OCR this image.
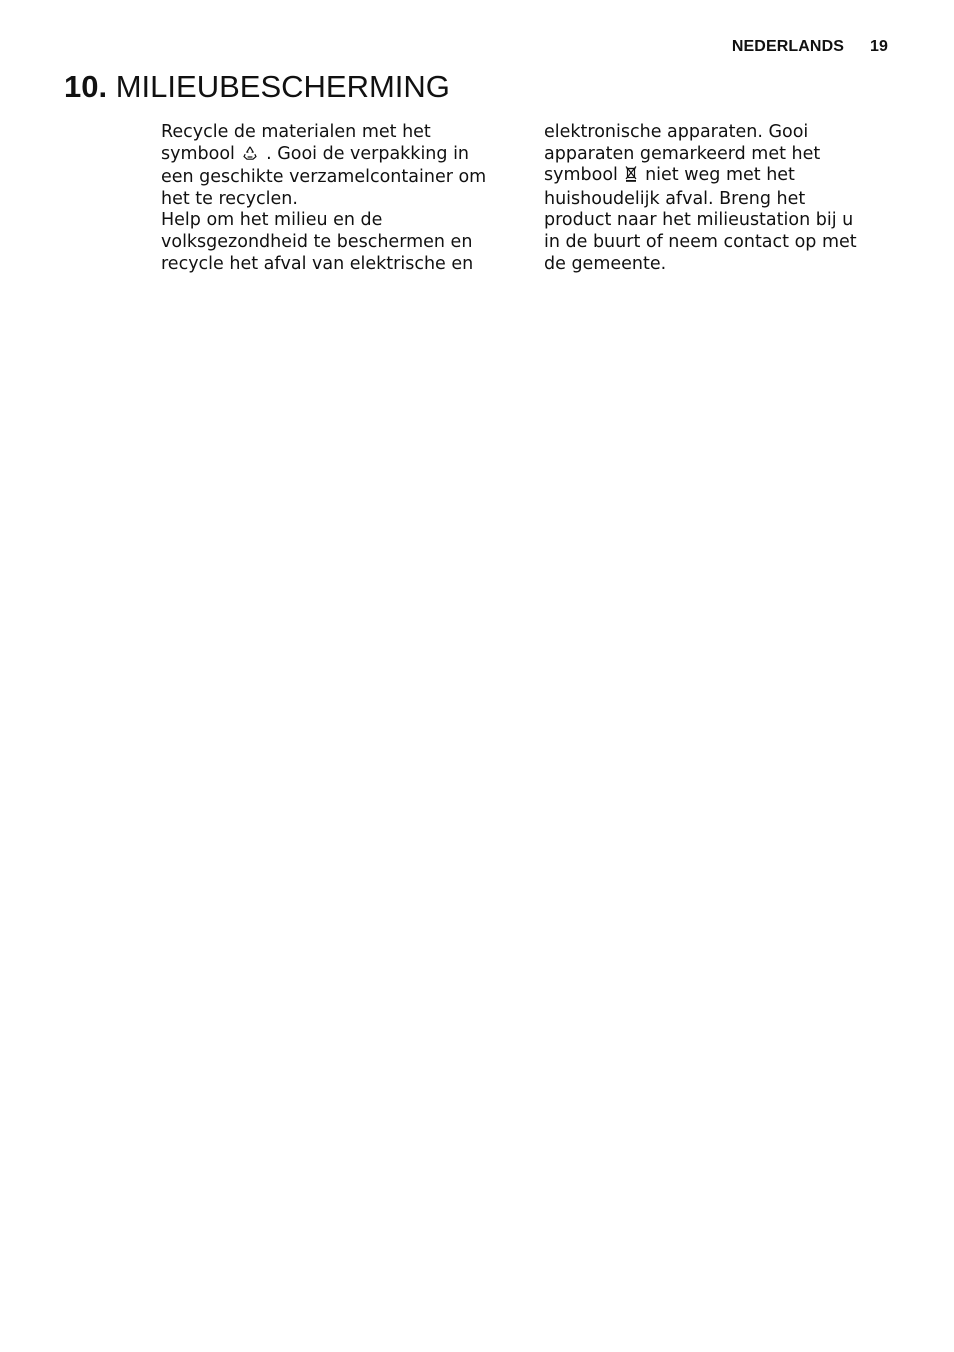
NEDERLANDS 19
10. MILIEUBESCHERMING

Recycle de materialen met het symbool . Gooi de verpakking in een geschikte verzamelcontainer om het te recyclen.

Help om het milieu en de volksgezondheid te beschermen en recycle het afval van elektrische en

elektronische apparaten. Gooi apparaten gemarkeerd met het symbool niet weg met het huishoudelijk afval. Breng het product naar het milieustation bij u in de buurt of neem contact op met de gemeente.
